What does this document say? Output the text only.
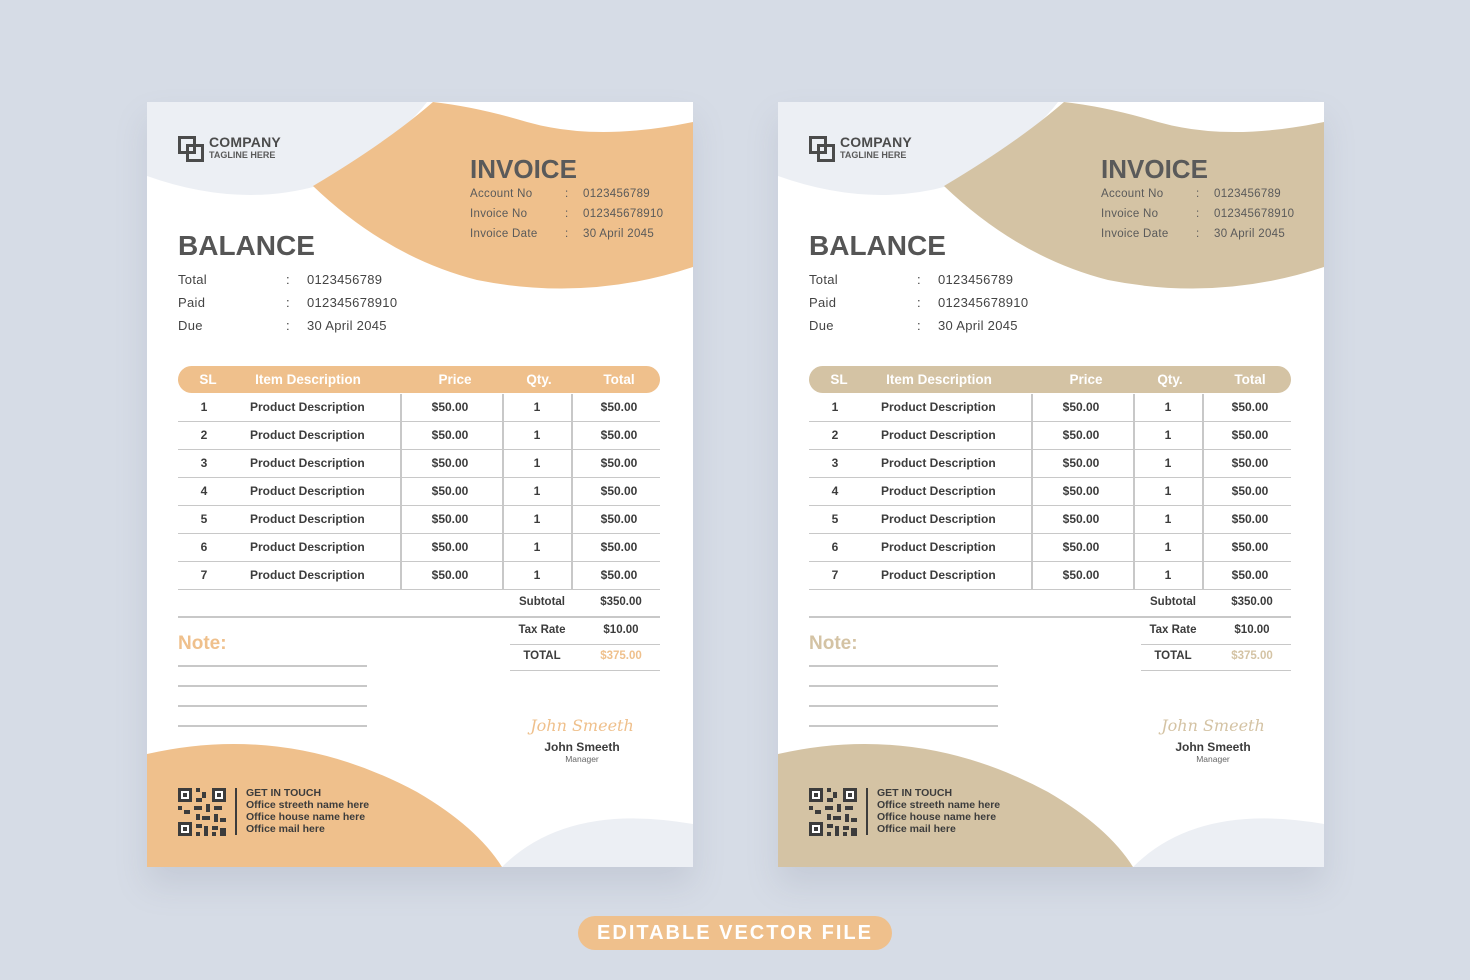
COMPANY
TAGLINE HERE	INVOICE
Account No	: 0123456789
Invoice No	: 012345678910
Invoice Date : 30 April 2045
BALANCE
Total	: 0123456789
Paid	: 012345678910
Due	: 30 April 2045
SL	Item Description	Price	Qty.	Total
1	Product Description	$50.00	1	$50.00
2	Product Description	$50.00	1	$50.00
3	Product Description	$50.00	1	$50.00
4	Product Description	$50.00	1	$50.00
5	Product Description	$50.00	1	$50.00
6	Product Description	$50.00	1	$50.00
7	Product Description	$50.00	1	$50.00
Subtotal	$350.00
Tax Rate	$10.00
TOTAL	$375.00
Note:
John Smeeth
John Smeeth
Manager
GET IN TOUCH
Office streeth name here
Office house name here
Office mail here
COMPANY
TAGLINE HERE	INVOICE
Account No	: 0123456789
Invoice No	: 012345678910
Invoice Date : 30 April 2045
BALANCE
Total	: 0123456789
Paid	: 012345678910
Due	: 30 April 2045
SL	Item Description	Price	Qty.	Total
1	Product Description	$50.00	1	$50.00
2	Product Description	$50.00	1	$50.00
3	Product Description	$50.00	1	$50.00
4	Product Description	$50.00	1	$50.00
5	Product Description	$50.00	1	$50.00
6	Product Description	$50.00	1	$50.00
7	Product Description	$50.00	1	$50.00
Subtotal	$350.00
Tax Rate	$10.00
TOTAL	$375.00
Note:
John Smeeth
John Smeeth
Manager
GET IN TOUCH
Office streeth name here
Office house name here
Office mail here
EDITABLE VECTOR FILE
